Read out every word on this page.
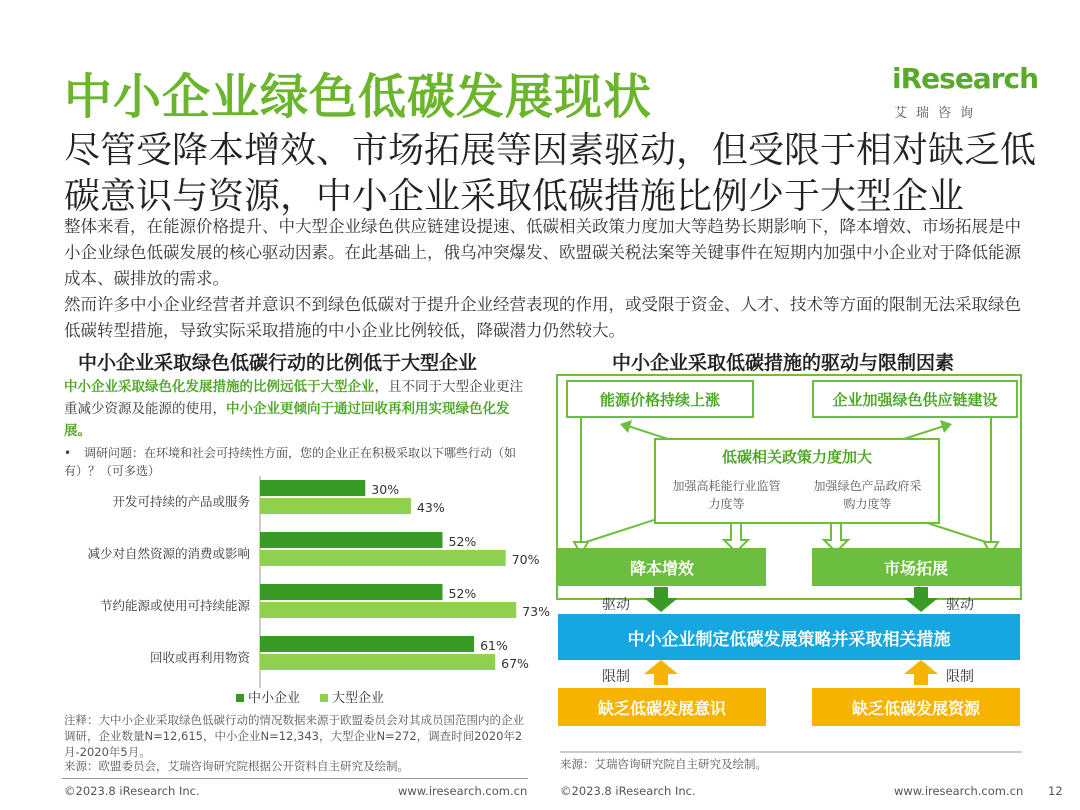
中小企业绿色低碳发展现状	iResearch
艾瑞咨询
尽管受降本增效、市场拓展等因素驱动，但受限于相对缺乏低碳意识与资源，中小企业采取低碳措施比例少于大型企业

整体来看，在能源价格提升、中大型企业绿色供应链建设提速、低碳相关政策力度加大等趋势长期影响下，降本增效、市场拓展是中小企业绿色低碳发展的核心驱动因素。在此基础上，俄乌冲突爆发、欧盟碳关税法案等关键事件在短期内加强中小企业对于降低能源成本、碳排放的需求。

然而许多中小企业经营者并意识不到绿色低碳对于提升企业经营表现的作用，或受限于资金、人才、技术等方面的限制无法采取绿色低碳转型措施，导致实际采取措施的中小企业比例较低，降碳潜力仍然较大。

中小企业采取绿色低碳行动的比例低于大型企业
中小企业采取绿色化发展措施的比例远低于大型企业，且不同于大型企业更注重减少资源及能源的使用，中小企业更倾向于通过回收再利用实现绿色化发展。
• 调研问题：在环境和社会可持续性方面，您的企业正在积极采取以下哪些行动（如有）？（可多选）
开发可持续的产品或服务
30%
43%
减少对自然资源的消费或影响
52%
70%
节约能源或使用可持续能源
52%
73%
回收或再利用物资
61%
67%
中小企业 大型企业
注释：大中小企业采取绿色低碳行动的情况数据来源于欧盟委员会对其成员国范围内的企业调研，企业数量N=12,615，中小企业N=12,343，大型企业N=272，调查时间2020年2月-2020年5月。
来源：欧盟委员会，艾瑞咨询研究院根据公开资料自主研究及绘制。
中小企业采取低碳措施的驱动与限制因素
能源价格持续上涨	企业加强绿色供应链建设
低碳相关政策力度加大
加强高耗能行业监管力度等
加强绿色产品政府采购力度等
降本增效	市场拓展
驱动	驱动
中小企业制定低碳发展策略并采取相关措施
限制	限制
缺乏低碳发展意识	缺乏低碳发展资源
来源：艾瑞咨询研究院自主研究及绘制。
©2023.8 iResearch Inc.	www.iresearch.com.cn	©2023.8 iResearch Inc.	www.iresearch.com.cn 12
